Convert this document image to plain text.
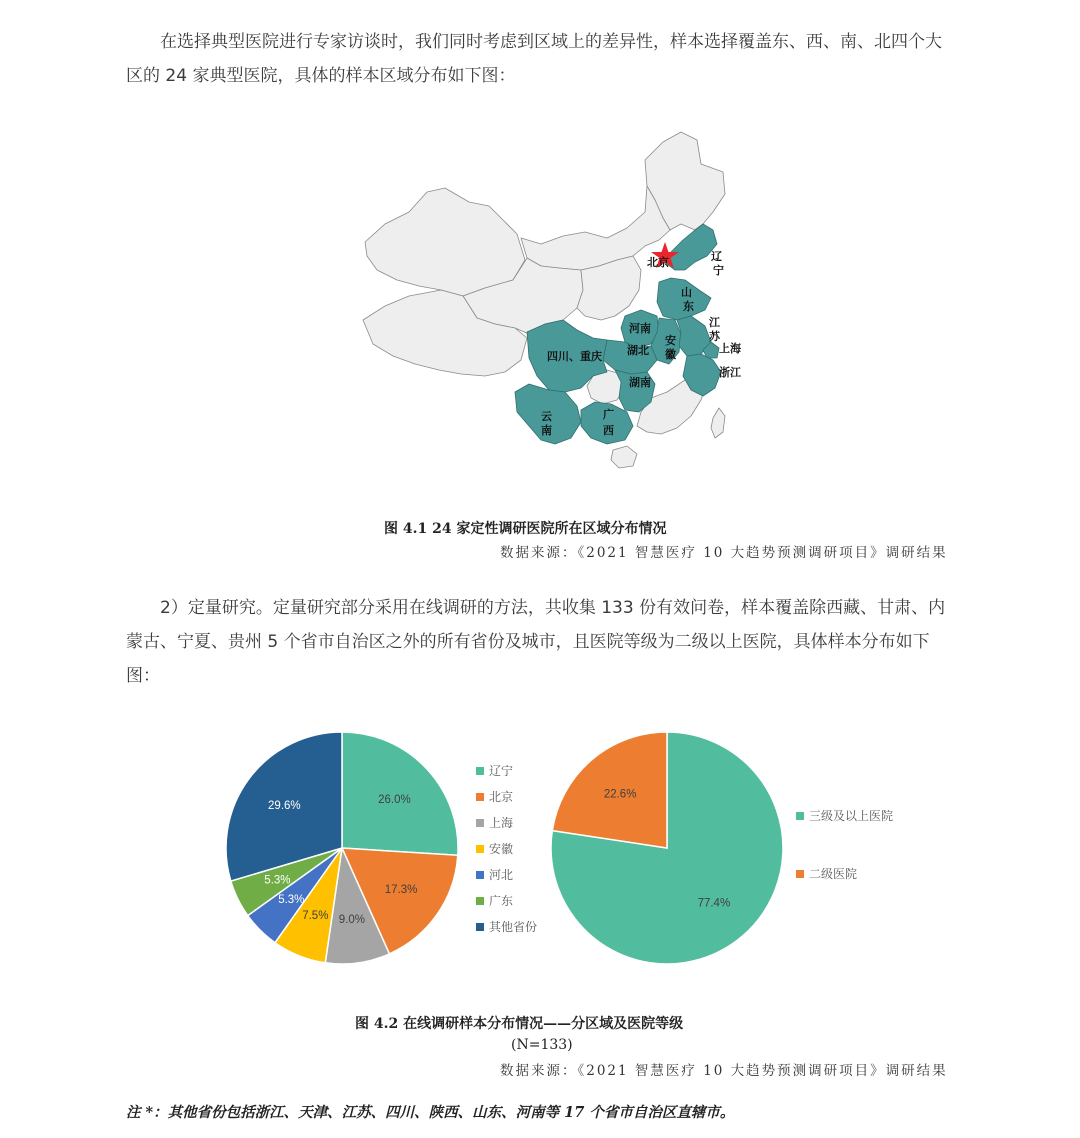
在选择典型医院进行专家访谈时，我们同时考虑到区域上的差异性，样本选择覆盖东、西、南、北四个大区的 24 家典型医院，具体的样本区域分布如下图：

北京	辽
宁
山
东
江
苏
河南
安
徽	上海
湖北
四川、重庆
浙江
湖南
云
南
广
西
图 4.1 24 家定性调研医院所在区域分布情况
数据来源：《2021 智慧医疗 10 大趋势预测调研项目》调研结果

2）定量研究。定量研究部分采用在线调研的方法，共收集 133 份有效问卷，样本覆盖除西藏、甘肃、内蒙古、宁夏、贵州 5 个省市自治区之外的所有省份及城市，且医院等级为二级以上医院，具体样本分布如下图：

26.0%
17.3%
9.0%
7.5%
5.3%
5.3%
29.6%
辽宁
北京
上海
安徽
河北
广东
其他省份
77.4%
22.6%
三级及以上医院
二级医院
图 4.2 在线调研样本分布情况——分区域及医院等级
(N=133)
数据来源：《2021 智慧医疗 10 大趋势预测调研项目》调研结果
注 *：其他省份包括浙江、天津、江苏、四川、陕西、山东、河南等 17 个省市自治区直辖市。
